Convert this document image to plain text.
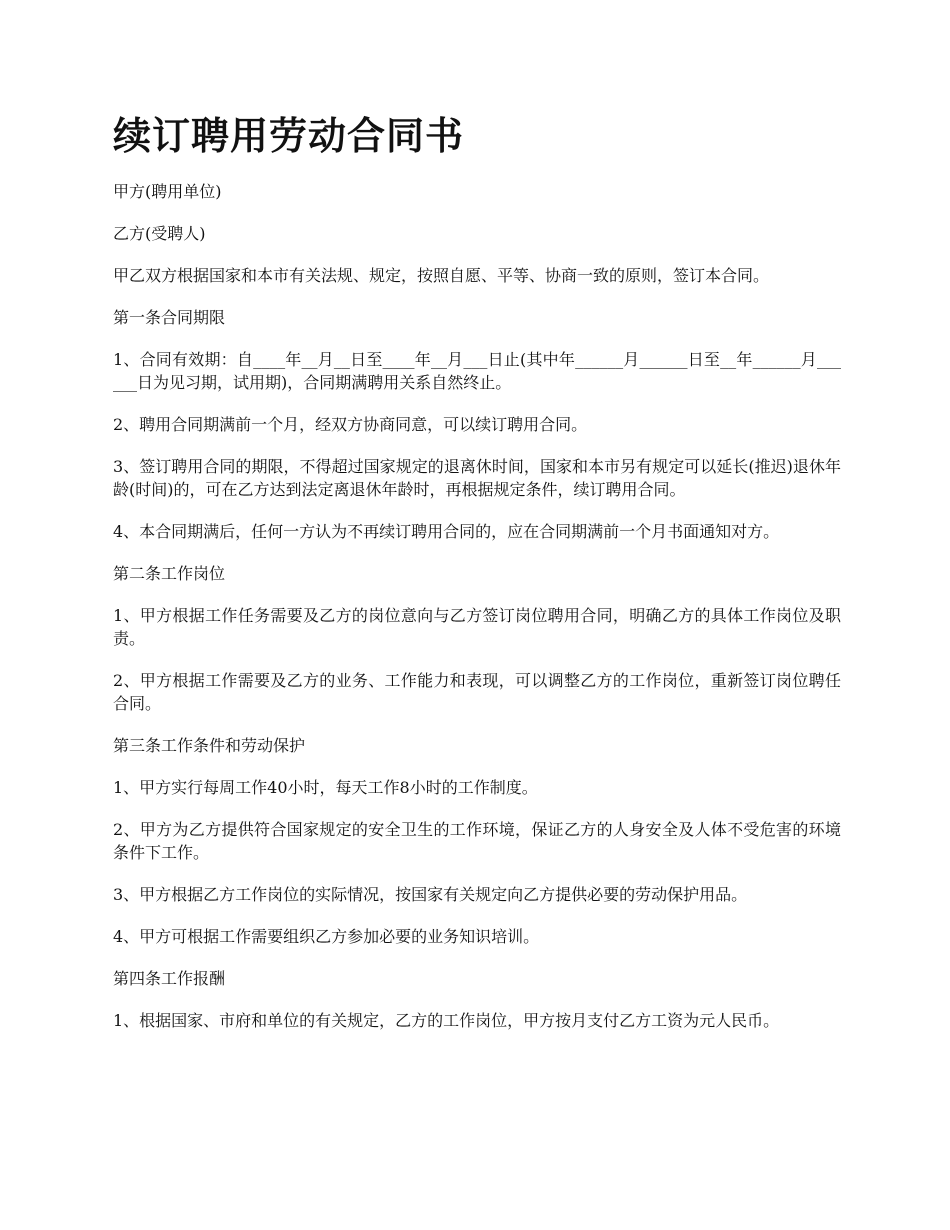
续订聘用劳动合同书

甲方(聘用单位)

乙方(受聘人)

甲乙双方根据国家和本市有关法规、规定，按照自愿、平等、协商一致的原则，签订本合同。

第一条合同期限

1、合同有效期：自____年__月__日至____年__月___日止(其中年______月______日至__年______月______日为见习期，试用期)，合同期满聘用关系自然终止。

2、聘用合同期满前一个月，经双方协商同意，可以续订聘用合同。

3、签订聘用合同的期限，不得超过国家规定的退离休时间，国家和本市另有规定可以延长(推迟)退休年龄(时间)的，可在乙方达到法定离退休年龄时，再根据规定条件，续订聘用合同。

4、本合同期满后，任何一方认为不再续订聘用合同的，应在合同期满前一个月书面通知对方。

第二条工作岗位

1、甲方根据工作任务需要及乙方的岗位意向与乙方签订岗位聘用合同，明确乙方的具体工作岗位及职责。

2、甲方根据工作需要及乙方的业务、工作能力和表现，可以调整乙方的工作岗位，重新签订岗位聘任合同。

第三条工作条件和劳动保护

1、甲方实行每周工作40小时，每天工作8小时的工作制度。

2、甲方为乙方提供符合国家规定的安全卫生的工作环境，保证乙方的人身安全及人体不受危害的环境条件下工作。

3、甲方根据乙方工作岗位的实际情况，按国家有关规定向乙方提供必要的劳动保护用品。

4、甲方可根据工作需要组织乙方参加必要的业务知识培训。

第四条工作报酬

1、根据国家、市府和单位的有关规定，乙方的工作岗位，甲方按月支付乙方工资为元人民币。
